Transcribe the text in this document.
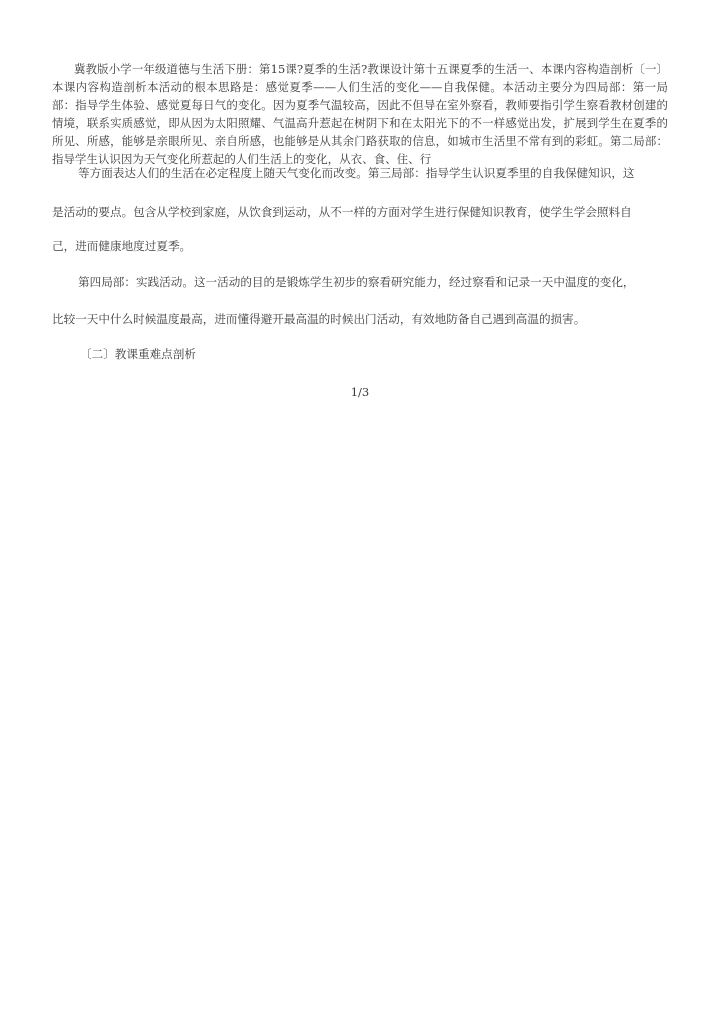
冀教版小学一年级道德与生活下册：第15课?夏季的生活?教课设计第十五课夏季的生活一、本课内容构造剖析〔一〕本课内容构造剖析本活动的根本思路是：感觉夏季——人们生活的变化——自我保健。本活动主要分为四局部：第一局部：指导学生体验、感觉夏每日气的变化。因为夏季气温较高，因此不但导在室外察看，教师要指引学生察看教材创建的情境，联系实质感觉，即从因为太阳照耀、气温高升惹起在树阴下和在太阳光下的不一样感觉出发，扩展到学生在夏季的所见、所感，能够是亲眼所见、亲自所感，也能够是从其余门路获取的信息，如城市生活里不常有到的彩虹。第二局部：指导学生认识因为天气变化所惹起的人们生活上的变化，从衣、食、住、行
等方面表达人们的生活在必定程度上随天气变化而改变。第三局部：指导学生认识夏季里的自我保健知识，这
是活动的要点。包含从学校到家庭，从饮食到运动，从不一样的方面对学生进行保健知识教育，使学生学会照料自
己，进而健康地度过夏季。
第四局部：实践活动。这一活动的目的是锻炼学生初步的察看研究能力，经过察看和记录一天中温度的变化，
比较一天中什么时候温度最高，进而懂得避开最高温的时候出门活动，有效地防备自己遇到高温的损害。
〔二〕教课重难点剖析
1/3
